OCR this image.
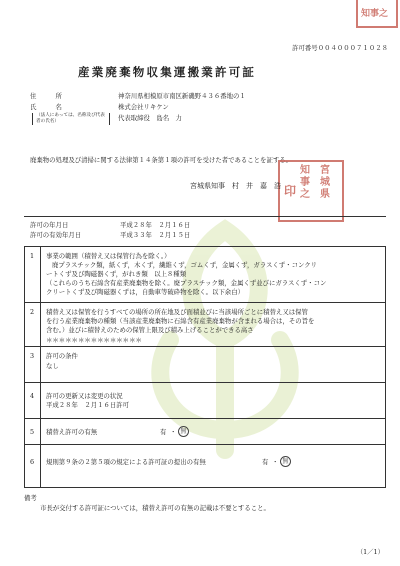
知事之
許可番号００４０００７１０２８
産業廃棄物収集運搬業許可証
住　　　所	神奈川県相模原市南区新磯野４３６番地の１
氏　　　名	株式会社リキケン
（法人にあっては、名称及び代表者の氏名）	代表取締役　島名　力
廃棄物の処理及び清掃に関する法律第１４条第１項の許可を受けた者であることを証する。
宮城県
知事之
印
宮城県知事　村　井　嘉　浩
許可の年月日	平成２８年　２月１６日
許可の有効年月日	平成３３年　２月１５日
1 事業の範囲（積替え又は保管行為を除く。）
廃プラスチック類，紙くず，木くず，繊維くず，ゴムくず，金属くず，ガラスくず・コンクリ
ートくず及び陶磁器くず，がれき類　以上８種類
（これらのうち石綿含有産業廃棄物を除く。廃プラスチック類，金属くず並びにガラスくず・コン
クリートくず及び陶磁器くずは，自動車等破砕物を除く。以下余白）
2 積替え又は保管を行うすべての場所の所在地及び面積並びに当該場所ごとに積替え又は保管
を行う産業廃棄物の種類（当該産業廃棄物に石綿含有産業廃棄物が含まれる場合は，その旨を
含む。）並びに積替えのための保管上限及び積み上げることができる高さ
＊＊＊＊＊＊＊＊＊＊＊＊＊＊＊
3 許可の条件
なし
4 許可の更新又は変更の状況
平成２８年　２月１６日許可
5 積替え許可の有無	有 ・ 無
6 規則第９条の２第５項の規定による許可証の提出の有無	有 ・ 無
備考
市長が交付する許可証については，積替え許可の有無の記載は不要とすること。
（1／1）
